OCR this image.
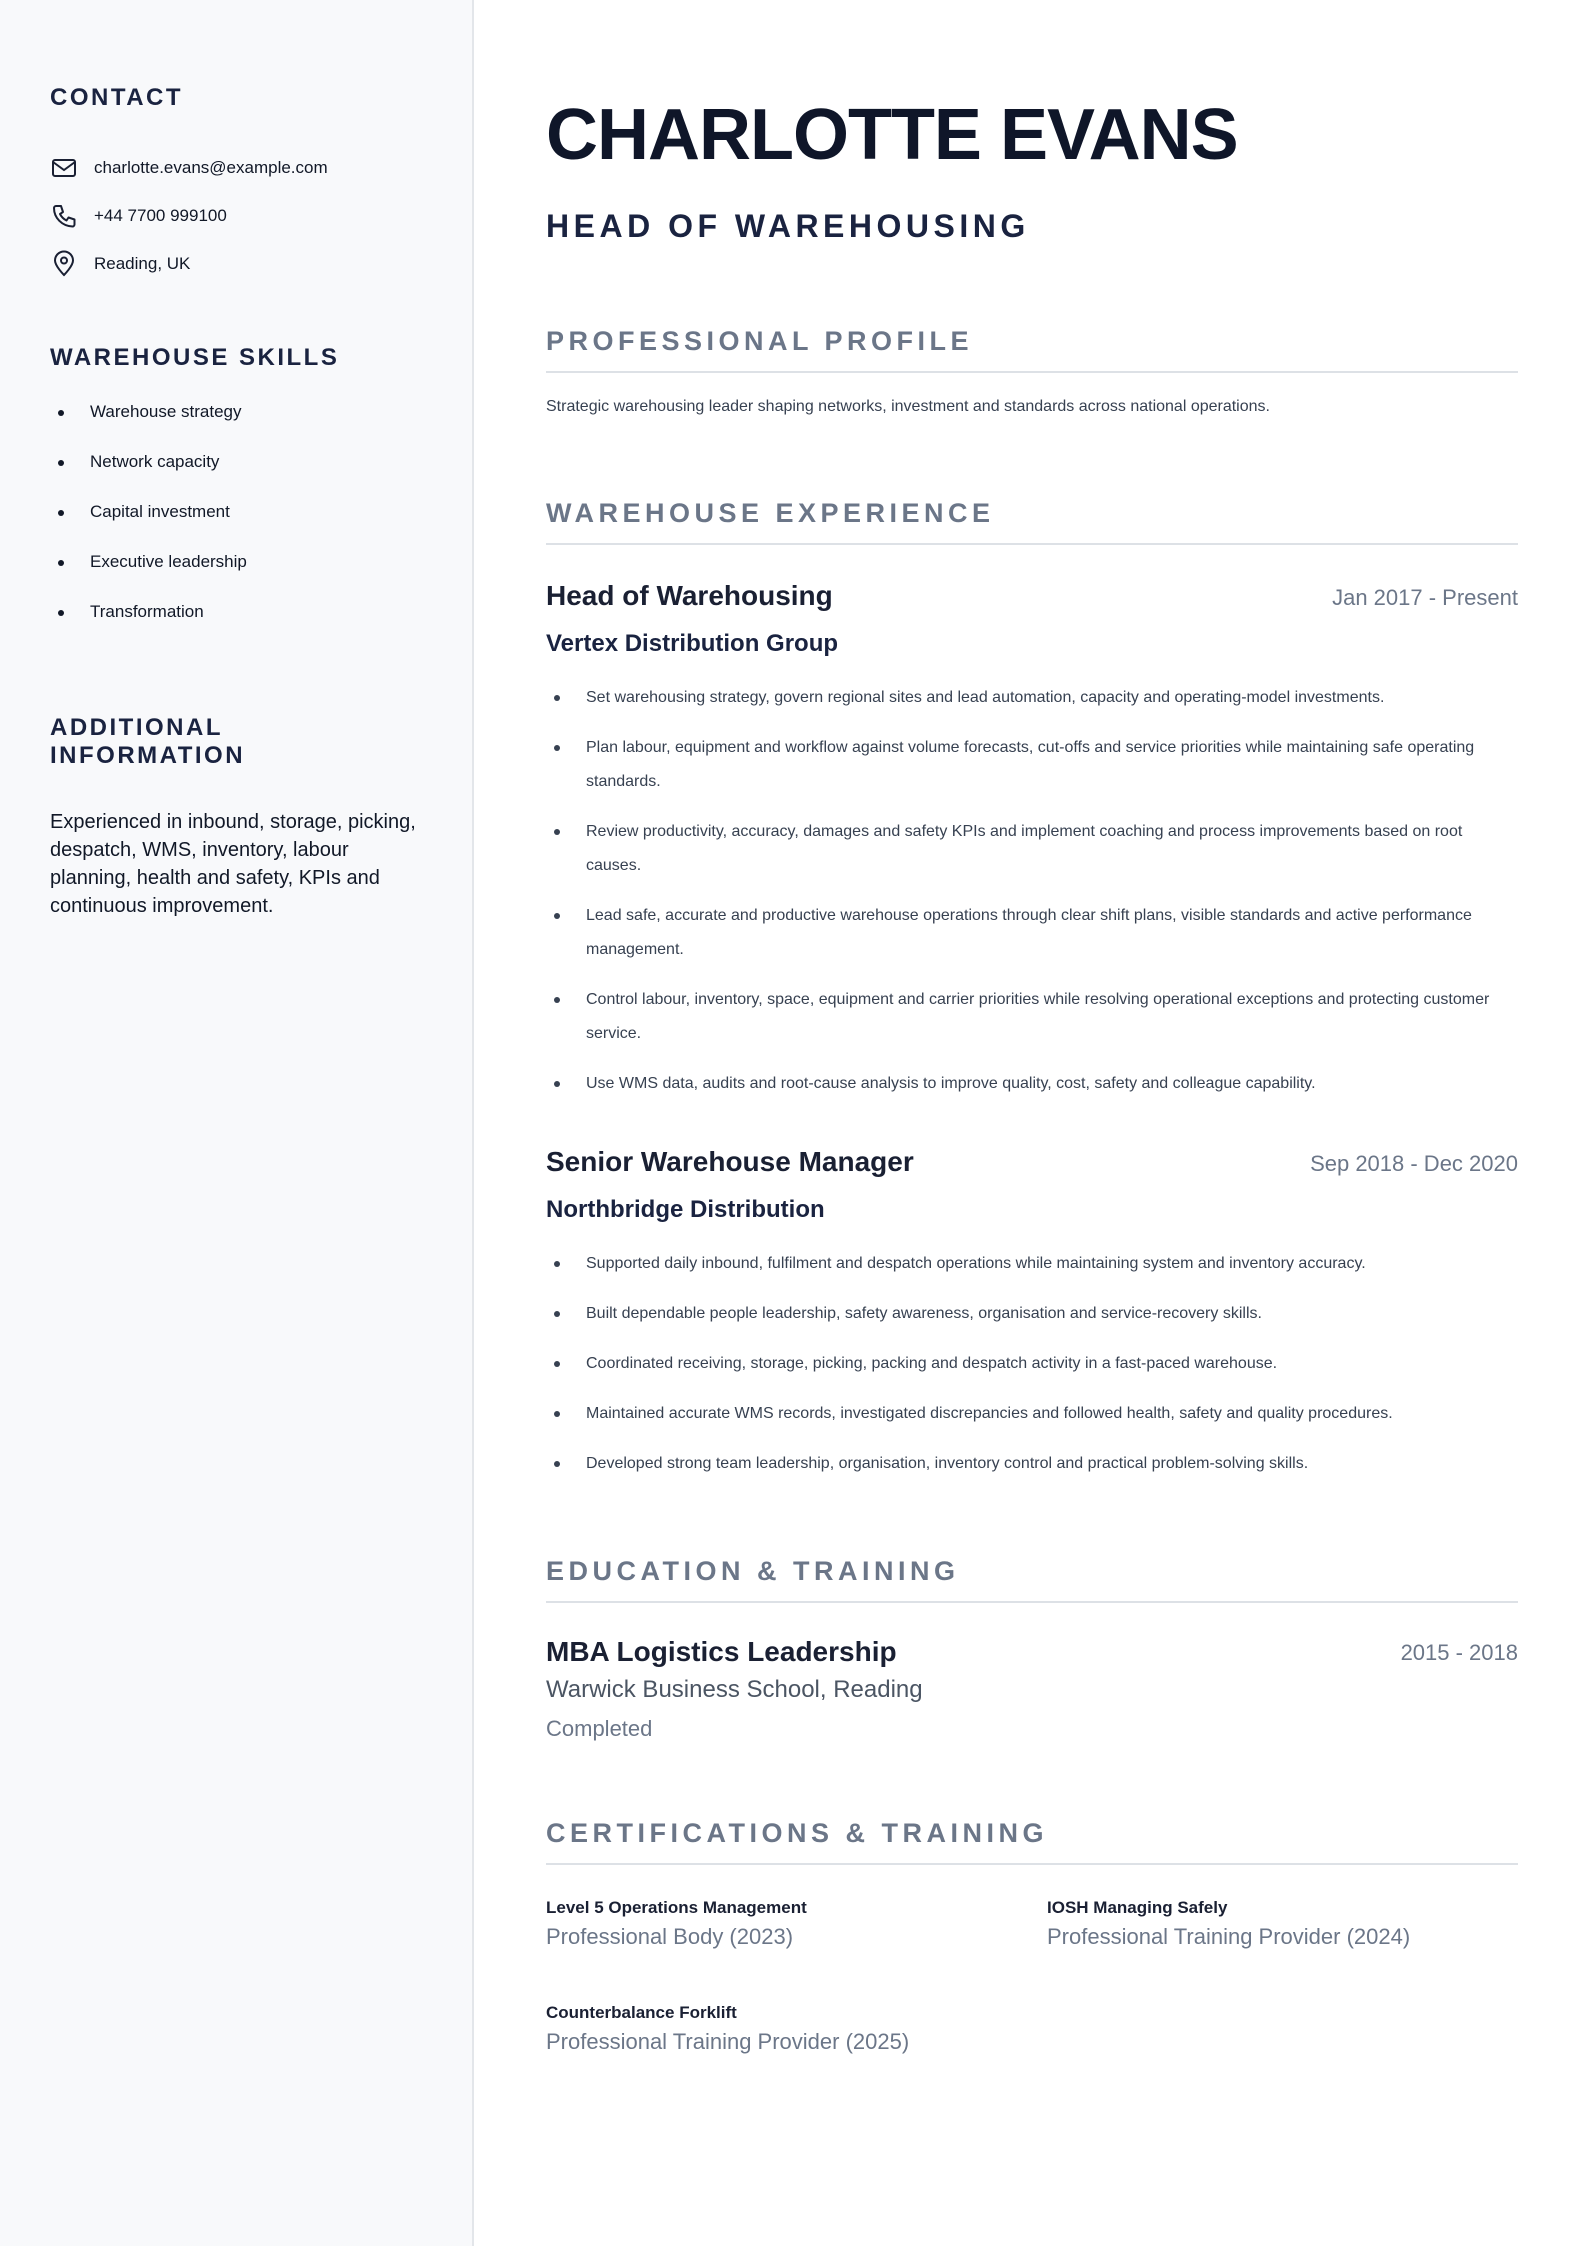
CONTACT
charlotte.evans@example.com
+44 7700 999100
Reading, UK
WAREHOUSE SKILLS
Warehouse strategy
Network capacity
Capital investment
Executive leadership
Transformation
ADDITIONAL INFORMATION

Experienced in inbound, storage, picking, despatch, WMS, inventory, labour planning, health and safety, KPIs and continuous improvement.

CHARLOTTE EVANS
HEAD OF WAREHOUSING
PROFESSIONAL PROFILE

Strategic warehousing leader shaping networks, investment and standards across national operations.

WAREHOUSE EXPERIENCE
Head of Warehousing	Jan 2017 - Present
Vertex Distribution Group
Set warehousing strategy, govern regional sites and lead automation, capacity and operating-model investments.
Plan labour, equipment and workflow against volume forecasts, cut-offs and service priorities while maintaining safe operating standards.
Review productivity, accuracy, damages and safety KPIs and implement coaching and process improvements based on root causes.
Lead safe, accurate and productive warehouse operations through clear shift plans, visible standards and active performance management.
Control labour, inventory, space, equipment and carrier priorities while resolving operational exceptions and protecting customer service.
Use WMS data, audits and root-cause analysis to improve quality, cost, safety and colleague capability.
Senior Warehouse Manager	Sep 2018 - Dec 2020
Northbridge Distribution
Supported daily inbound, fulfilment and despatch operations while maintaining system and inventory accuracy.
Built dependable people leadership, safety awareness, organisation and service-recovery skills.
Coordinated receiving, storage, picking, packing and despatch activity in a fast-paced warehouse.
Maintained accurate WMS records, investigated discrepancies and followed health, safety and quality procedures.
Developed strong team leadership, organisation, inventory control and practical problem-solving skills.
EDUCATION & TRAINING
MBA Logistics Leadership	2015 - 2018
Warwick Business School, Reading
Completed
CERTIFICATIONS & TRAINING
Level 5 Operations Management
Professional Body (2023)
IOSH Managing Safely
Professional Training Provider (2024)
Counterbalance Forklift
Professional Training Provider (2025)
